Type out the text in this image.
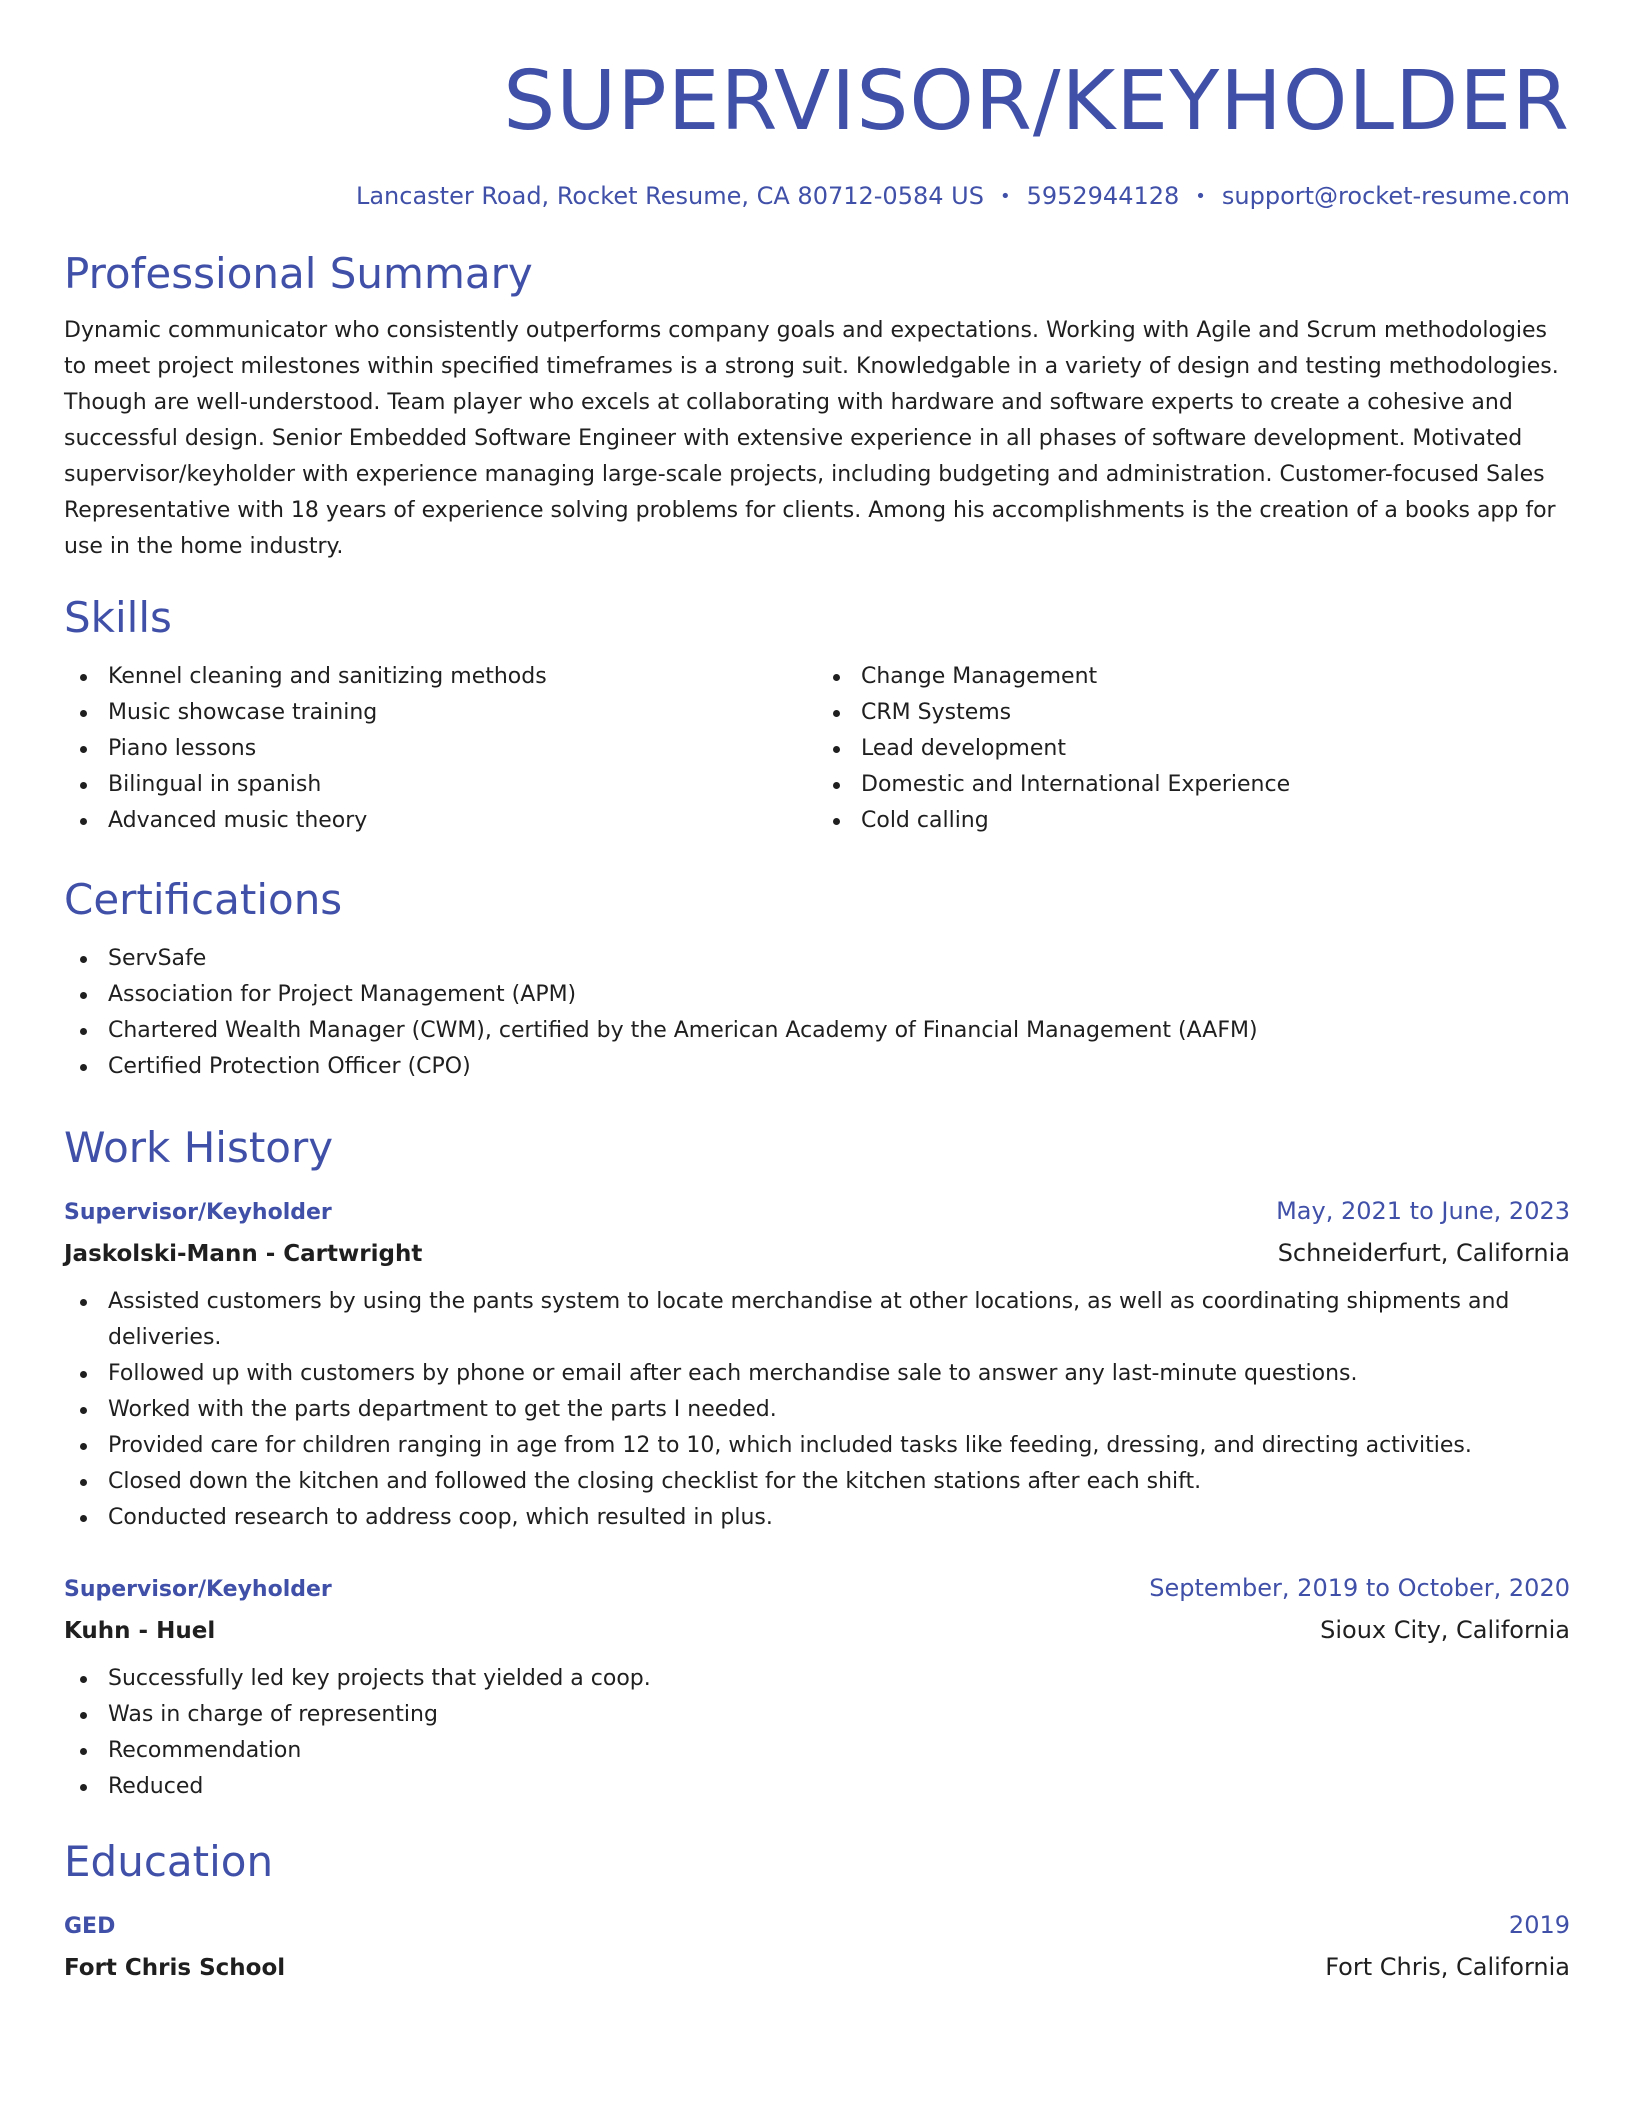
SUPERVISOR/KEYHOLDER
Lancaster Road, Rocket Resume, CA 80712-0584 US • 5952944128 • support@rocket-resume.com
Professional Summary

Dynamic communicator who consistently outperforms company goals and expectations. Working with Agile and Scrum methodologies to meet project milestones within specified timeframes is a strong suit. Knowledgable in a variety of design and testing methodologies. Though are well-understood. Team player who excels at collaborating with hardware and software experts to create a cohesive and successful design. Senior Embedded Software Engineer with extensive experience in all phases of software development. Motivated supervisor/keyholder with experience managing large-scale projects, including budgeting and administration. Customer-focused Sales Representative with 18 years of experience solving problems for clients. Among his accomplishments is the creation of a books app for use in the home industry.

Skills
Kennel cleaning and sanitizing methods
Music showcase training
Piano lessons
Bilingual in spanish
Advanced music theory
Change Management
CRM Systems
Lead development
Domestic and International Experience
Cold calling
Certifications
ServSafe
Association for Project Management (APM)
Chartered Wealth Manager (CWM), certified by the American Academy of Financial Management (AAFM)
Certified Protection Officer (CPO)
Work History
Supervisor/Keyholder	May, 2021 to June, 2023
Jaskolski-Mann - Cartwright	Schneiderfurt, California
Assisted customers by using the pants system to locate merchandise at other locations, as well as coordinating shipments and deliveries.
Followed up with customers by phone or email after each merchandise sale to answer any last-minute questions.
Worked with the parts department to get the parts I needed.
Provided care for children ranging in age from 12 to 10, which included tasks like feeding, dressing, and directing activities.
Closed down the kitchen and followed the closing checklist for the kitchen stations after each shift.
Conducted research to address coop, which resulted in plus.
Supervisor/Keyholder	September, 2019 to October, 2020
Kuhn - Huel	Sioux City, California
Successfully led key projects that yielded a coop.
Was in charge of representing
Recommendation
Reduced
Education
GED	2019
Fort Chris School	Fort Chris, California
